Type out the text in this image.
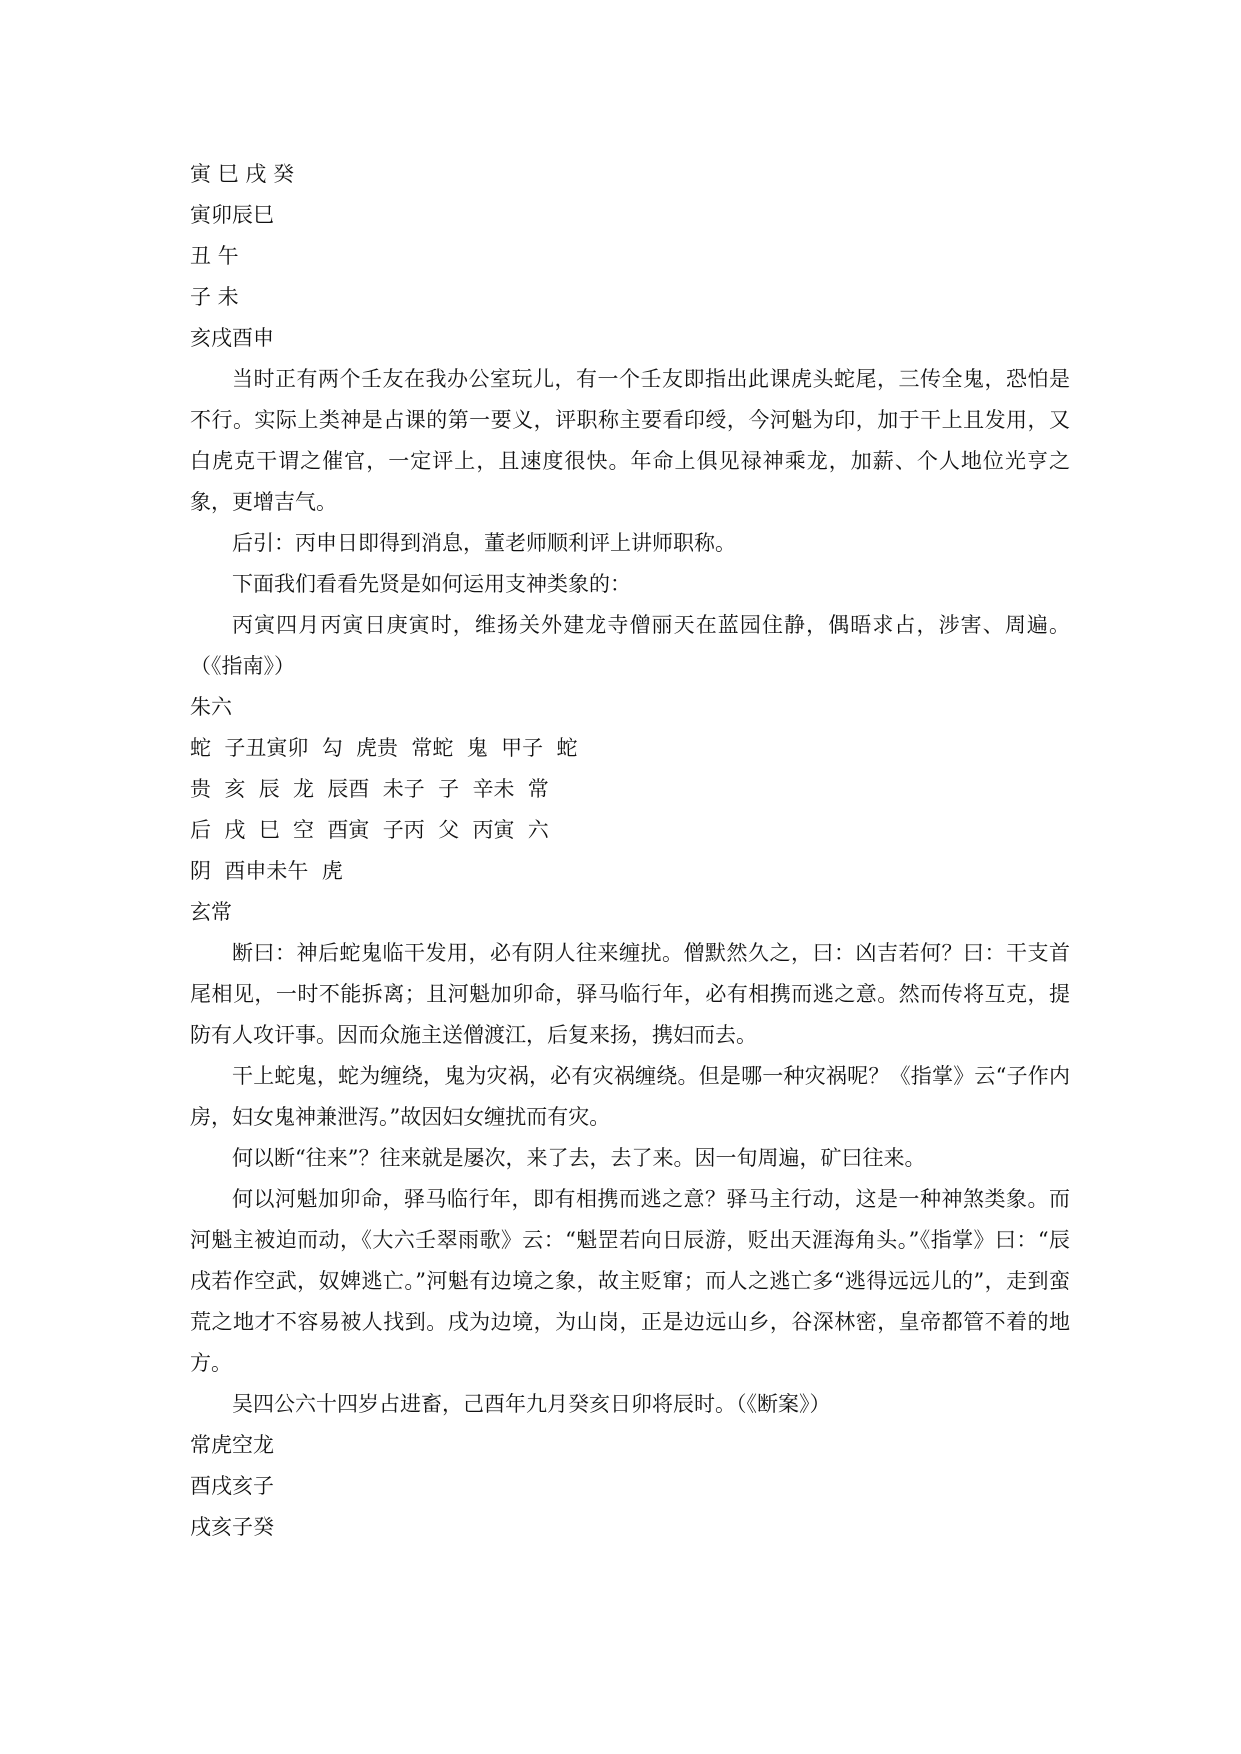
寅 巳 戌 癸
寅卯辰巳
丑 午
子 未
亥戌酉申

当时正有两个壬友在我办公室玩儿，有一个壬友即指出此课虎头蛇尾，三传全鬼，恐怕是不行。实际上类神是占课的第一要义，评职称主要看印绶，今河魁为印，加于干上且发用，又白虎克干谓之催官，一定评上，且速度很快。年命上俱见禄神乘龙，加薪、个人地位光亨之象，更增吉气。

后引：丙申日即得到消息，董老师顺利评上讲师职称。

下面我们看看先贤是如何运用支神类象的：

丙寅四月丙寅日庚寅时，维扬关外建龙寺僧丽天在蓝园住静，偶晤求占，涉害、周遍。（《指南》）

朱六
蛇  子丑寅卯  勾  虎贵  常蛇  鬼  甲子  蛇
贵  亥  辰  龙  辰酉  未子  子  辛未  常
后  戌  巳  空  酉寅  子丙  父  丙寅  六
阴  酉申未午  虎
玄常

断曰：神后蛇鬼临干发用，必有阴人往来缠扰。僧默然久之，曰：凶吉若何？曰：干支首尾相见，一时不能拆离；且河魁加卯命，驿马临行年，必有相携而逃之意。然而传将互克，提防有人攻讦事。因而众施主送僧渡江，后复来扬，携妇而去。

干上蛇鬼，蛇为缠绕，鬼为灾祸，必有灾祸缠绕。但是哪一种灾祸呢？《指掌》云“子作内房，妇女鬼神兼泄泻。”故因妇女缠扰而有灾。

何以断“往来”？往来就是屡次，来了去，去了来。因一旬周遍，矿曰往来。

何以河魁加卯命，驿马临行年，即有相携而逃之意？驿马主行动，这是一种神煞类象。而河魁主被迫而动，《大六壬翠雨歌》云：“魁罡若向日辰游，贬出天涯海角头。”《指掌》曰：“辰戌若作空武，奴婢逃亡。”河魁有边境之象，故主贬窜；而人之逃亡多“逃得远远儿的”，走到蛮荒之地才不容易被人找到。戌为边境，为山岗，正是边远山乡，谷深林密，皇帝都管不着的地方。

吴四公六十四岁占进畜，己酉年九月癸亥日卯将辰时。（《断案》）

常虎空龙
酉戌亥子
戌亥子癸
